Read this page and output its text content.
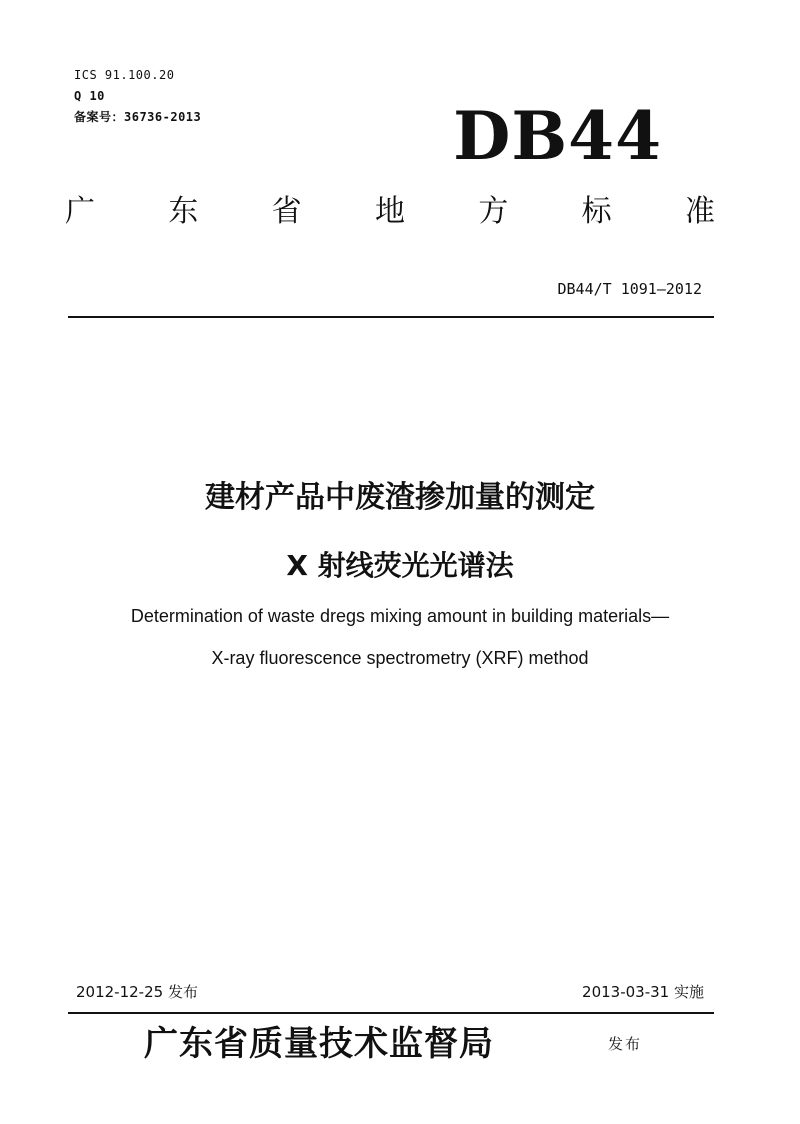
ICS 91.100.20
Q 10
备案号：36736-2013	DB44
广 东 省 地 方 标 准
DB44/T 1091—2012
建材产品中废渣掺加量的测定
X 射线荧光光谱法
Determination of waste dregs mixing amount in building materials—
X-ray fluorescence spectrometry (XRF) method
2012-12-25 发布	2013-03-31 实施
广东省质量技术监督局	发布
